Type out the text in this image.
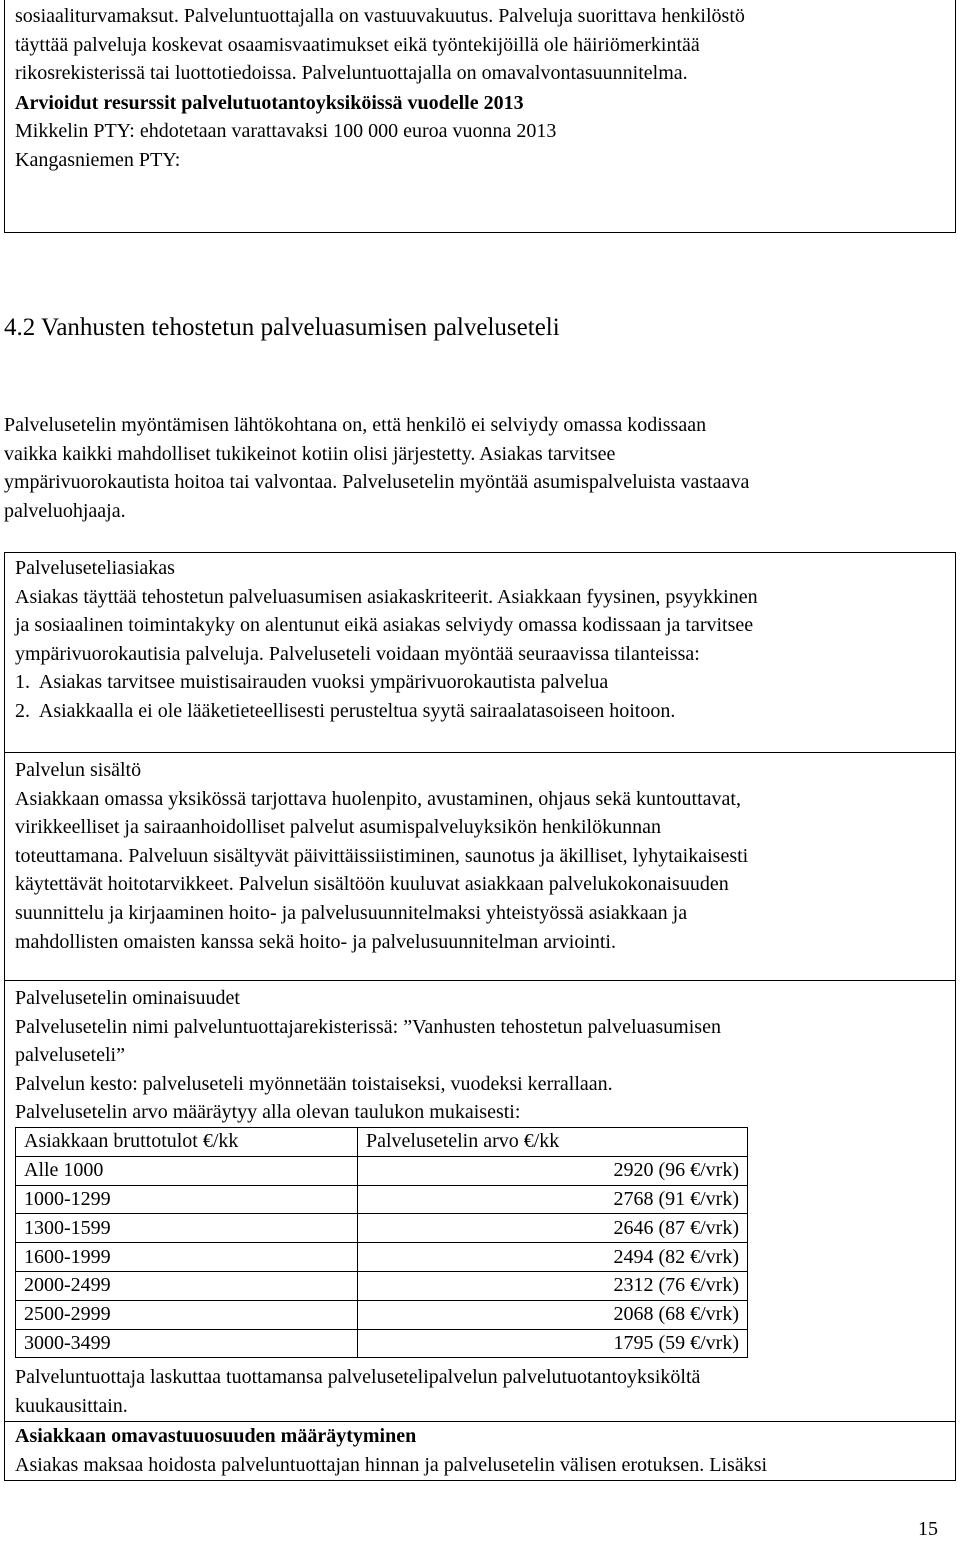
sosiaaliturvamaksut. Palveluntuottajalla on vastuuvakuutus. Palveluja suorittava henkilöstö

täyttää palveluja koskevat osaamisvaatimukset eikä työntekijöillä ole häiriömerkintää

rikosrekisterissä tai luottotiedoissa. Palveluntuottajalla on omavalvontasuunnitelma.

Arvioidut resurssit palvelutuotantoyksiköissä vuodelle 2013

Mikkelin PTY: ehdotetaan varattavaksi 100 000 euroa vuonna 2013

Kangasniemen PTY:

4.2 Vanhusten tehostetun palveluasumisen palveluseteli

Palvelusetelin myöntämisen lähtökohtana on, että henkilö ei selviydy omassa kodissaan

vaikka kaikki mahdolliset tukikeinot kotiin olisi järjestetty. Asiakas tarvitsee

ympärivuorokautista hoitoa tai valvontaa. Palvelusetelin myöntää asumispalveluista vastaava

palveluohjaaja.

Palveluseteliasiakas

Asiakas täyttää tehostetun palveluasumisen asiakaskriteerit. Asiakkaan fyysinen, psyykkinen

ja sosiaalinen toimintakyky on alentunut eikä asiakas selviydy omassa kodissaan ja tarvitsee

ympärivuorokautisia palveluja. Palveluseteli voidaan myöntää seuraavissa tilanteissa:

1.  Asiakas tarvitsee muistisairauden vuoksi ympärivuorokautista palvelua

2.  Asiakkaalla ei ole lääketieteellisesti perusteltua syytä sairaalatasoiseen hoitoon.

Palvelun sisältö

Asiakkaan omassa yksikössä tarjottava huolenpito, avustaminen, ohjaus sekä kuntouttavat,

virikkeelliset ja sairaanhoidolliset palvelut asumispalveluyksikön henkilökunnan

toteuttamana. Palveluun sisältyvät päivittäissiistiminen, saunotus ja äkilliset, lyhytaikaisesti

käytettävät hoitotarvikkeet. Palvelun sisältöön kuuluvat asiakkaan palvelukokonaisuuden

suunnittelu ja kirjaaminen hoito- ja palvelusuunnitelmaksi yhteistyössä asiakkaan ja

mahdollisten omaisten kanssa sekä hoito- ja palvelusuunnitelman arviointi.

Palvelusetelin ominaisuudet

Palvelusetelin nimi palveluntuottajarekisterissä: ”Vanhusten tehostetun palveluasumisen

palveluseteli”

Palvelun kesto: palveluseteli myönnetään toistaiseksi, vuodeksi kerrallaan.

Palvelusetelin arvo määräytyy alla olevan taulukon mukaisesti:

Asiakkaan bruttotulot €/kk	Palvelusetelin arvo €/kk
Alle 1000	2920 (96 €/vrk)
1000-1299	2768 (91 €/vrk)
1300-1599	2646 (87 €/vrk)
1600-1999	2494 (82 €/vrk)
2000-2499	2312 (76 €/vrk)
2500-2999	2068 (68 €/vrk)
3000-3499	1795 (59 €/vrk)

Palveluntuottaja laskuttaa tuottamansa palvelusetelipalvelun palvelutuotantoyksiköltä

kuukausittain.

Asiakkaan omavastuuosuuden määräytyminen

Asiakas maksaa hoidosta palveluntuottajan hinnan ja palvelusetelin välisen erotuksen. Lisäksi

15
